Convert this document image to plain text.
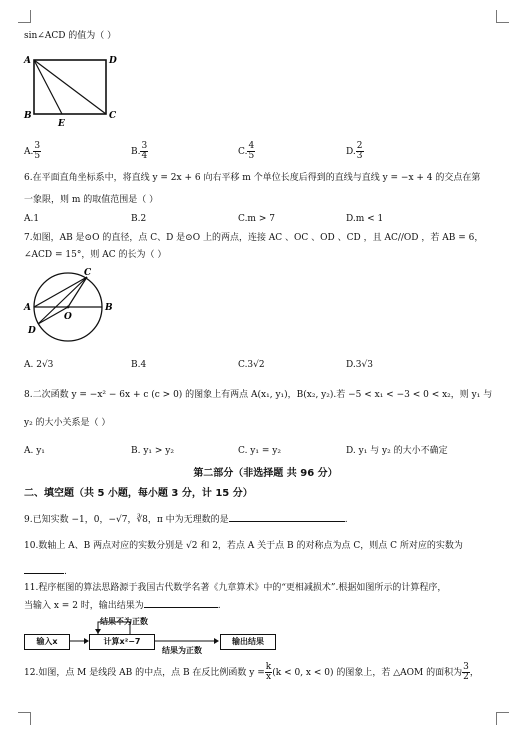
sin∠ACD 的值为（ ）
A	D
B	C
E
A. $\frac{3}{5}$	B. $\frac{3}{4}$	C. $\frac{4}{5}$	D. $\frac{2}{3}$
6.在平面直角坐标系中，将直线 y = 2x + 6 向右平移 m 个单位长度后得到的直线与直线 y = −x + 4 的交点在第
一象限，则 m 的取值范围是（ ）
A.1	B.2	C.m > 7	D.m < 1
7.如图，AB 是⊙O 的直径，点 C、D 是⊙O 上的两点，连接 AC 、OC 、OD 、CD ，且 AC//OD ，若 AB = 6，
∠ACD = 15°，则 AC 的长为（ ）
C
A	B
O
D
A. 2√3	B.4	C.3√2	D.3√3
8.二次函数 y = −x² − 6x + c (c > 0) 的图象上有两点 A(x₁, y₁)，B(x₂, y₂).若 −5 < x₁ < −3 < 0 < x₂，则 y₁ 与
y₂ 的大小关系是（ ）
A. y₁	B. y₁ > y₂	C. y₁ = y₂	D. y₁ 与 y₂ 的大小不确定
第二部分（非选择题 共 96 分）
二、填空题（共 5 小题，每小题 3 分，计 15 分）
9.已知实数 −1，0，−√7，∛8，π 中为无理数的是	.
10.数轴上 A、B 两点对应的实数分别是 √2 和 2，若点 A 关于点 B 的对称点为点 C，则点 C 所对应的实数为
.
11.程序框图的算法思路源于我国古代数学名著《九章算术》中的“更相减损术”.根据如图所示的计算程序，
当输入 x = 2 时，输出结果为	.
输入x	计算x²−7	输出结果
结果不为正数
结果为正数
12.如图，点 M 是线段 AB 的中点，点 B 在反比例函数 $y = \frac{k}{x} (k < 0$, x < 0) 的图象上，若 △AOM 的面积为 $\frac{3}{2}$ ，
